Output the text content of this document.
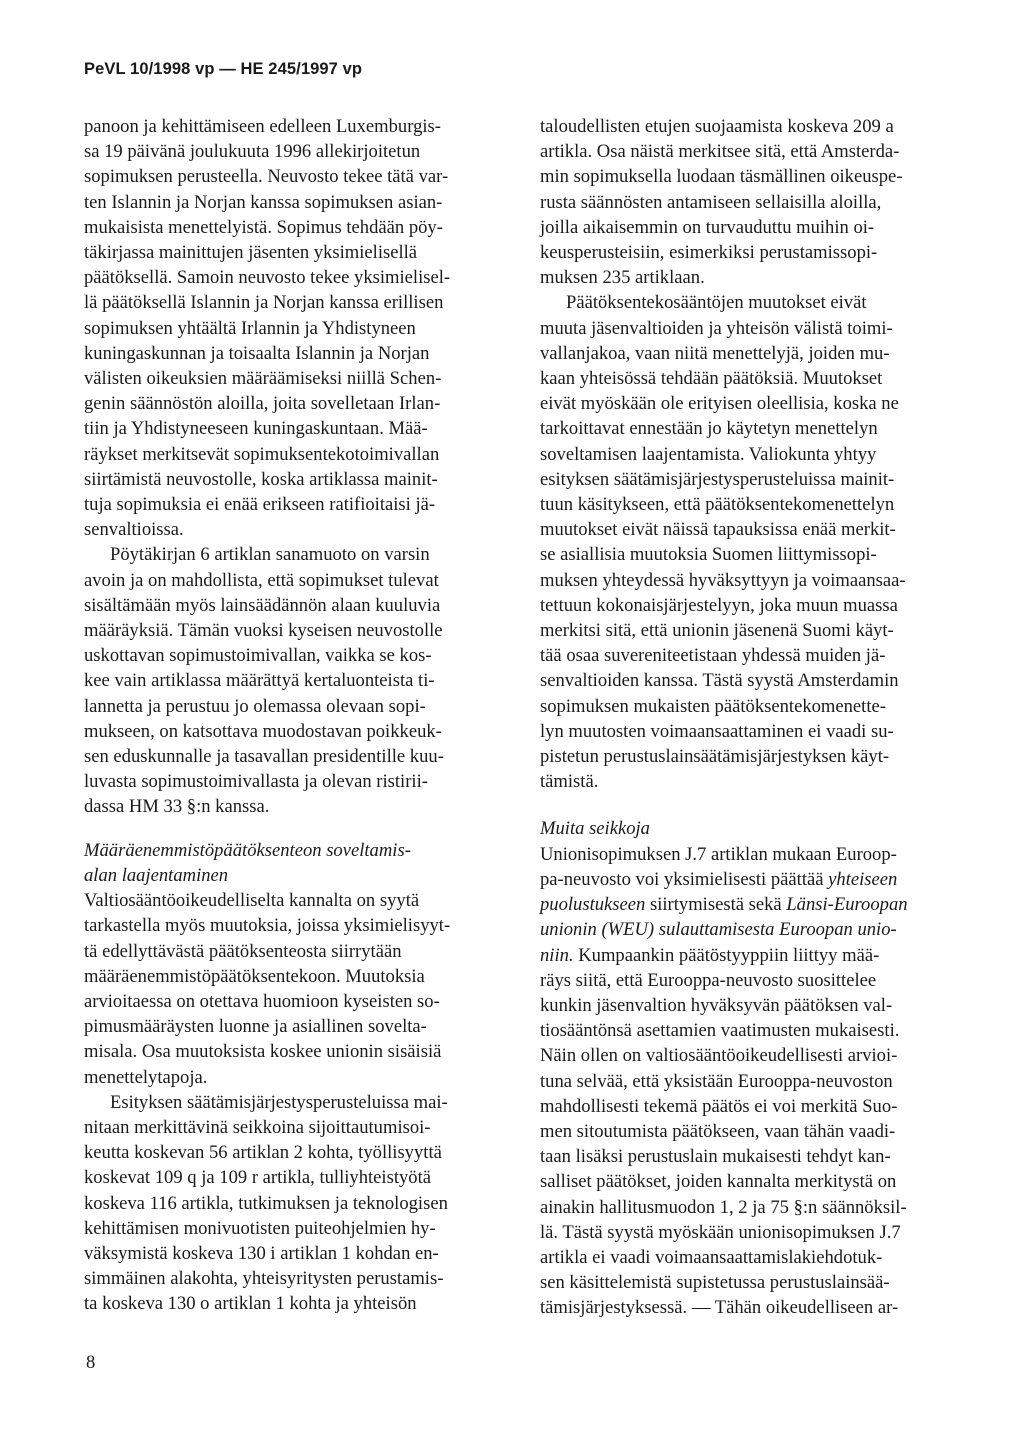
PeVL 10/1998 vp — HE 245/1997 vp

panoon ja kehittämiseen edelleen Luxemburgis-
sa 19 päivänä joulukuuta 1996 allekirjoitetun
sopimuksen perusteella. Neuvosto tekee tätä var-
ten Islannin ja Norjan kanssa sopimuksen asian-
mukaisista menettelyistä. Sopimus tehdään pöy-
täkirjassa mainittujen jäsenten yksimielisellä
päätöksellä. Samoin neuvosto tekee yksimielisel-
lä päätöksellä Islannin ja Norjan kanssa erillisen
sopimuksen yhtäältä Irlannin ja Yhdistyneen
kuningaskunnan ja toisaalta Islannin ja Norjan
välisten oikeuksien määräämiseksi niillä Schen-
genin säännöstön aloilla, joita sovelletaan Irlan-
tiin ja Yhdistyneeseen kuningaskuntaan. Mää-
räykset merkitsevät sopimuksentekotoimivallan
siirtämistä neuvostolle, koska artiklassa mainit-
tuja sopimuksia ei enää erikseen ratifioitaisi jä-
senvaltioissa.

Pöytäkirjan 6 artiklan sanamuoto on varsin
avoin ja on mahdollista, että sopimukset tulevat
sisältämään myös lainsäädännön alaan kuuluvia
määräyksiä. Tämän vuoksi kyseisen neuvostolle
uskottavan sopimustoimivallan, vaikka se kos-
kee vain artiklassa määrättyä kertaluonteista ti-
lannetta ja perustuu jo olemassa olevaan sopi-
mukseen, on katsottava muodostavan poikkeuk-
sen eduskunnalle ja tasavallan presidentille kuu-
luvasta sopimustoimivallasta ja olevan ristirii-
dassa HM 33 §:n kanssa.

Määräenemmistöpäätöksenteon soveltamis-
alan laajentaminen

Valtiosääntöoikeudelliselta kannalta on syytä
tarkastella myös muutoksia, joissa yksimielisyyt-
tä edellyttävästä päätöksenteosta siirrytään
määräenemmistöpäätöksentekoon. Muutoksia
arvioitaessa on otettava huomioon kyseisten so-
pimusmääräysten luonne ja asiallinen sovelta-
misala. Osa muutoksista koskee unionin sisäisiä
menettelytapoja.

Esityksen säätämisjärjestysperusteluissa mai-
nitaan merkittävinä seikkoina sijoittautumisoi-
keutta koskevan 56 artiklan 2 kohta, työllisyyttä
koskevat 109 q ja 109 r artikla, tulliyhteistyötä
koskeva 116 artikla, tutkimuksen ja teknologisen
kehittämisen monivuotisten puiteohjelmien hy-
väksymistä koskeva 130 i artiklan 1 kohdan en-
simmäinen alakohta, yhteisyritysten perustamis-
ta koskeva 130 o artiklan 1 kohta ja yhteisön

taloudellisten etujen suojaamista koskeva 209 a
artikla. Osa näistä merkitsee sitä, että Amsterda-
min sopimuksella luodaan täsmällinen oikeuspe-
rusta säännösten antamiseen sellaisilla aloilla,
joilla aikaisemmin on turvauduttu muihin oi-
keusperusteisiin, esimerkiksi perustamissopi-
muksen 235 artiklaan.

Päätöksentekosääntöjen muutokset eivät
muuta jäsenvaltioiden ja yhteisön välistä toimi-
vallanjakoa, vaan niitä menettelyjä, joiden mu-
kaan yhteisössä tehdään päätöksiä. Muutokset
eivät myöskään ole erityisen oleellisia, koska ne
tarkoittavat ennestään jo käytetyn menettelyn
soveltamisen laajentamista. Valiokunta yhtyy
esityksen säätämisjärjestysperusteluissa mainit-
tuun käsitykseen, että päätöksentekomenettelyn
muutokset eivät näissä tapauksissa enää merkit-
se asiallisia muutoksia Suomen liittymissopi-
muksen yhteydessä hyväksyttyyn ja voimaansaa-
tettuun kokonaisjärjestelyyn, joka muun muassa
merkitsi sitä, että unionin jäsenenä Suomi käyt-
tää osaa suvereniteetistaan yhdessä muiden jä-
senvaltioiden kanssa. Tästä syystä Amsterdamin
sopimuksen mukaisten päätöksentekomenette-
lyn muutosten voimaansaattaminen ei vaadi su-
pistetun perustuslainsäätämisjärjestyksen käyt-
tämistä.

Muita seikkoja

Unionisopimuksen J.7 artiklan mukaan Euroop-
pa-neuvosto voi yksimielisesti päättää yhteiseen
puolustukseen siirtymisestä sekä Länsi-Euroopan
unionin (WEU) sulauttamisesta Euroopan unio-
niin. Kumpaankin päätöstyyppiin liittyy mää-
räys siitä, että Eurooppa-neuvosto suosittelee
kunkin jäsenvaltion hyväksyvän päätöksen val-
tiosääntönsä asettamien vaatimusten mukaisesti.
Näin ollen on valtiosääntöoikeudellisesti arvioi-
tuna selvää, että yksistään Eurooppa-neuvoston
mahdollisesti tekemä päätös ei voi merkitä Suo-
men sitoutumista päätökseen, vaan tähän vaadi-
taan lisäksi perustuslain mukaisesti tehdyt kan-
salliset päätökset, joiden kannalta merkitystä on
ainakin hallitusmuodon 1, 2 ja 75 §:n säännöksil-
lä. Tästä syystä myöskään unionisopimuksen J.7
artikla ei vaadi voimaansaattamislakiehdotuk-
sen käsittelemistä supistetussa perustuslainsää-
tämisjärjestyksessä. — Tähän oikeudelliseen ar-

8
